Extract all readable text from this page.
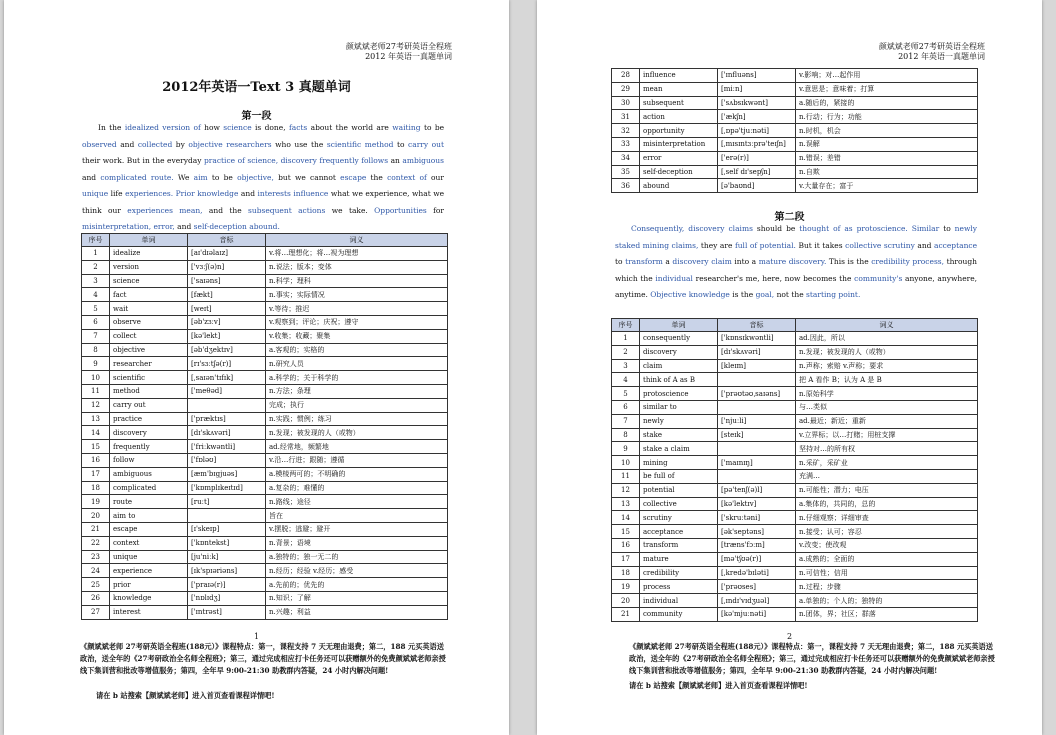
颜斌斌老师27考研英语全程班
2012 年英语一真题单词
2012年英语一Text 3 真题单词
第一段
In the idealized version of how science is done, facts about the world are waiting to be observed and collected by objective researchers who use the scientific method to carry out their work. But in the everyday practice of science, discovery frequently follows an ambiguous and complicated route. We aim to be objective, but we cannot escape the context of our unique life experiences. Prior knowledge and interests influence what we experience, what we think our experiences mean, and the subsequent actions we take. Opportunities for misinterpretation, error, and self-deception abound.
序号	单词	音标	词义
1	idealize	[aɪ'dɪəlaɪz]	v.将…理想化；将…视为理想
2	version	['vɜːʃ(ə)n]	n.说法；版本；变体
3	science	['saɪəns]	n.科学；理科
4	fact	[fækt]	n.事实；实际情况
5	wait	[weɪt]	v.等待；推迟
6	observe	[əb'zɜːv]	v.观察到；评论；庆祝；遵守
7	collect	[kə'lekt]	v.收集；收藏；聚集
8	objective	[əb'dʒektɪv]	a.客观的；实格的
9	researcher	[rɪ'sɜːtʃə(r)]	n.研究人员
10	scientific	[ˌsaɪən'tɪfɪk]	a.科学的；关于科学的
11	method	['meθəd]	n.方法；条理
12	carry out		完成；执行
13	practice	['præktɪs]	n.实践；惯例；练习
14	discovery	[dɪ'skʌvəri]	n.发现；被发现的人（或物）
15	frequently	['friːkwəntli]	ad.经常地，频繁地
16	follow	['fɒləʊ]	v.沿…行进；跟随；遵循
17	ambiguous	[æm'bɪgjuəs]	a.模棱两可的；不明确的
18	complicated	['kɒmplɪkeɪtɪd]	a.复杂的；难懂的
19	route	[ruːt]	n.路线；途径
20	aim to		旨在
21	escape	[ɪ'skeɪp]	v.摆脱；逃避；避开
22	context	['kɒntekst]	n.背景；语境
23	unique	[ju'niːk]	a.独特的；独一无二的
24	experience	[ɪk'spɪəriəns]	n.经历；经验 v.经历；感受
25	prior	['praɪə(r)]	a.先前的；优先的
26	knowledge	['nɒlɪdʒ]	n.知识；了解
27	interest	['ɪntrəst]	n.兴趣；利益
1
《颜斌斌老师 27考研英语全程班(188元）》课程特点：第一，课程支持 7 天无理由退费；第二，188 元买英语送政治，送全年的《27考研政治全名师全程班》；第三，通过完成相应打卡任务还可以获赠额外的免费颜斌斌老师亲授线下集训营和批改等增值服务；第四，全年早 9:00-21:30 助教群内答疑，24 小时内解决问题!
请在 b 站搜索【颜斌斌老师】进入首页查看课程详情吧!
颜斌斌老师27考研英语全程班
2012 年英语一真题单词
28	influence	['ɪnfluəns]	v.影响；对…起作用
29	mean	[miːn]	v.意思是；意味着；打算
30	subsequent	['sʌbsɪkwənt]	a.随后的，紧接的
31	action	['ækʃn]	n.行动；行为；功能
32	opportunity	[ˌɒpə'tjuːnəti]	n.时机，机会
33	misinterpretation	[ˌmɪsɪntɜːprə'teɪʃn]	n.误解
34	error	['erə(r)]	n.错误；差错
35	self-deception	[ˌself dɪ'sepʃn]	n.自欺
36	abound	[ə'baʊnd]	v.大量存在；富于
第二段
Consequently, discovery claims should be thought of as protoscience. Similar to newly staked mining claims, they are full of potential. But it takes collective scrutiny and acceptance to transform a discovery claim into a mature discovery. This is the credibility process, through which the individual researcher's me, here, now becomes the community's anyone, anywhere, anytime. Objective knowledge is the goal, not the starting point.
序号	单词	音标	词义
1	consequently	['kɒnsɪkwəntli]	ad.因此，所以
2	discovery	[dɪ'skʌvəri]	n.发现；被发现的人（或物）
3	claim	[kleɪm]	n.声称；索赔 v.声称；要求
4	think of A as B		把 A 看作 B；认为 A 是 B
5	protoscience	['prəʊtəʊˌsaɪəns]	n.原始科学
6	similar to		与…类似
7	newly	['njuːli]	ad.最近；新近；重新
8	stake	[steɪk]	v.立界标；以…打赌；用桩支撑
9	stake a claim		坚持对…的所有权
10	mining	['maɪnɪŋ]	n.采矿，采矿业
11	be full of		充满…
12	potential	[pə'tenʃ(ə)l]	n.可能性；潜力；电压
13	collective	[kə'lektɪv]	a.集体的，共同的，总的
14	scrutiny	['skruːtəni]	n.仔细观察；详细审查
15	acceptance	[ək'septəns]	n.接受；认可；容忍
16	transform	[træns'fɔːm]	v.改变；使改观
17	mature	[mə'tʃʊə(r)]	a.成熟的；全面的
18	credibility	[ˌkredə'bɪləti]	n.可信性；信用
19	process	['prəʊses]	n.过程；步骤
20	individual	[ˌɪndɪ'vɪdʒuəl]	a.单独的；个人的；独特的
21	community	[kə'mjuːnəti]	n.团体，界；社区；群落
2
《颜斌斌老师 27考研英语全程班(188元）》课程特点：第一，课程支持 7 天无理由退费；第二，188 元买英语送政治，送全年的《27考研政治全名师全程班》；第三，通过完成相应打卡任务还可以获赠额外的免费颜斌斌老师亲授线下集训营和批改等增值服务；第四，全年早 9:00-21:30 助教群内答疑，24 小时内解决问题!
请在 b 站搜索【颜斌斌老师】进入首页查看课程详情吧!
